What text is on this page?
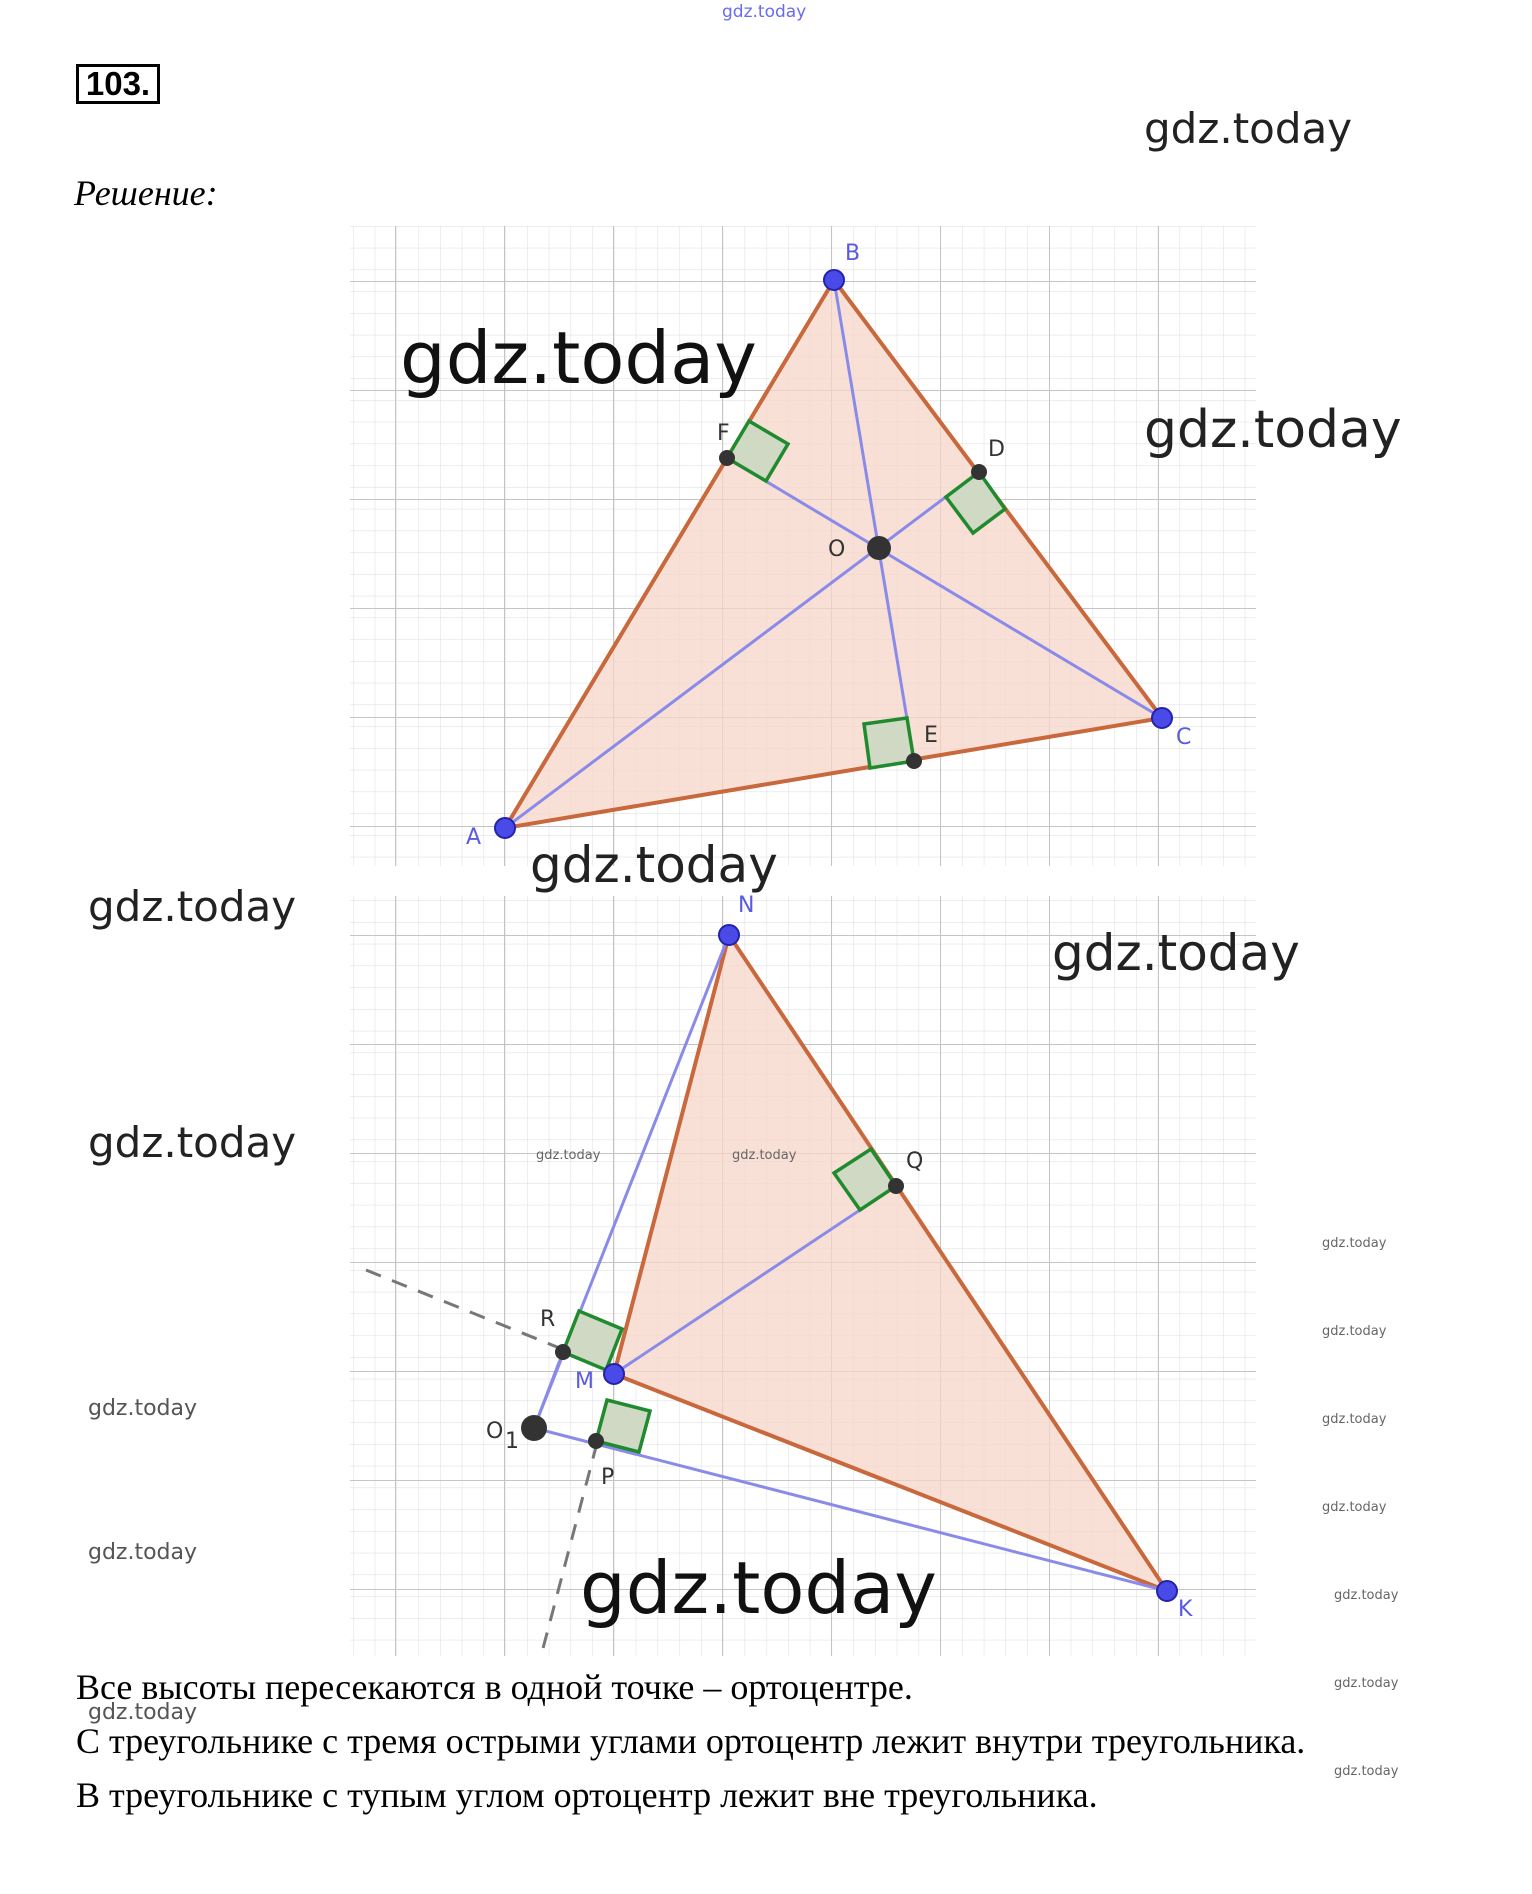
gdz.today
103.
Решение:
A
B
C
D
E
F
O
N
Q
R
M
O 1
P
K
gdz.today
gdz.today
gdz.today
gdz.today
gdz.today
gdz.today
gdz.today	gdz.today	gdz.today
gdz.today
gdz.today
gdz.today	gdz.today
gdz.today
gdz.today	gdz.today	gdz.today
gdz.today
gdz.today
gdz.today
Все высоты пересекаются в одной точке – ортоцентре.
С треугольнике с тремя острыми углами ортоцентр лежит внутри треугольника.
В треугольнике с тупым углом ортоцентр лежит вне треугольника.
